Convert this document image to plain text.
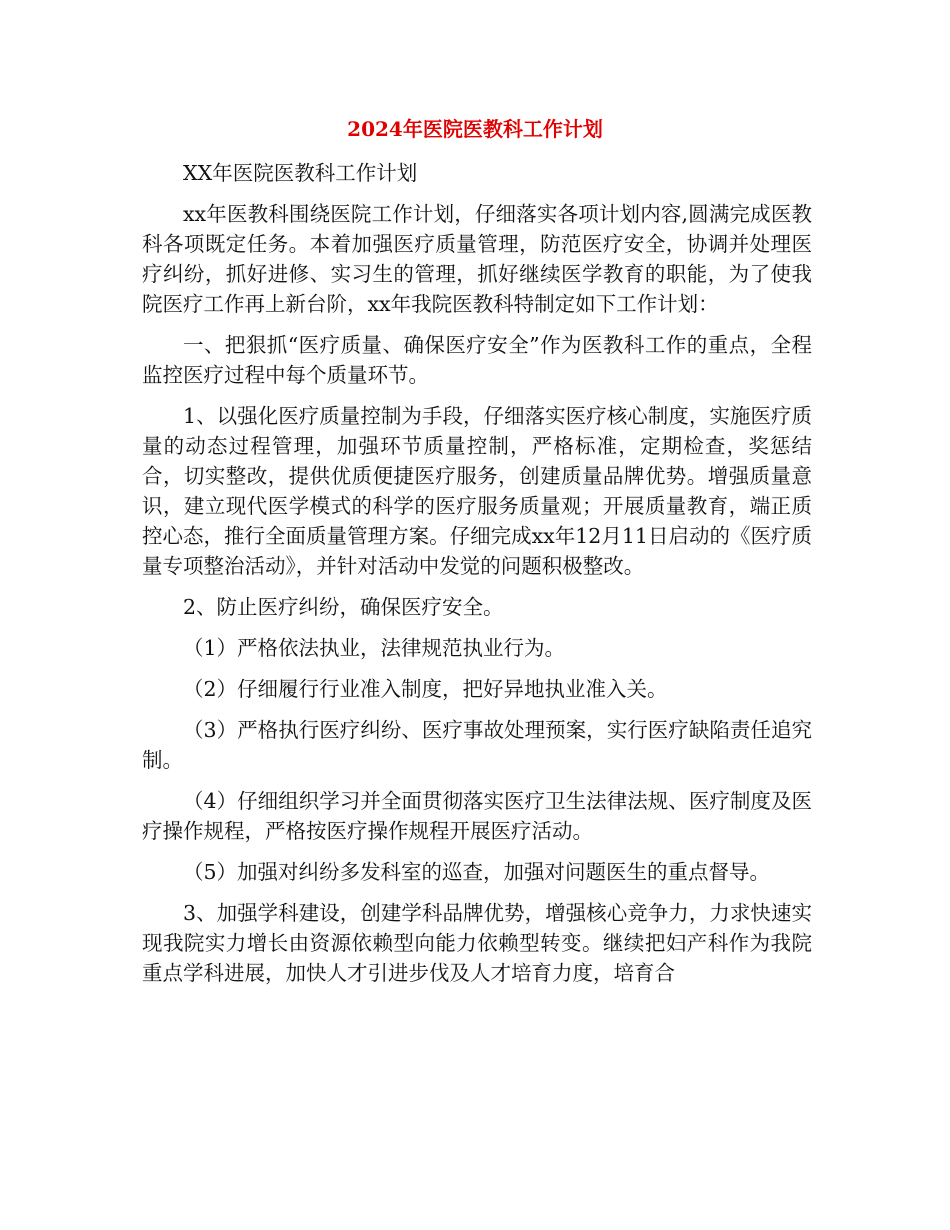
2024年医院医教科工作计划

XX年医院医教科工作计划

xx年医教科围绕医院工作计划，仔细落实各项计划内容,圆满完成医教科各项既定任务。本着加强医疗质量管理，防范医疗安全，协调并处理医疗纠纷，抓好进修、实习生的管理，抓好继续医学教育的职能，为了使我院医疗工作再上新台阶，xx年我院医教科特制定如下工作计划：

一、把狠抓“医疗质量、确保医疗安全”作为医教科工作的重点，全程监控医疗过程中每个质量环节。

1、以强化医疗质量控制为手段，仔细落实医疗核心制度，实施医疗质量的动态过程管理，加强环节质量控制，严格标准，定期检查，奖惩结合，切实整改，提供优质便捷医疗服务，创建质量品牌优势。增强质量意识，建立现代医学模式的科学的医疗服务质量观；开展质量教育，端正质控心态，推行全面质量管理方案。仔细完成xx年12月11日启动的《医疗质量专项整治活动》，并针对活动中发觉的问题积极整改。

2、防止医疗纠纷，确保医疗安全。

（1）严格依法执业，法律规范执业行为。

（2）仔细履行行业准入制度，把好异地执业准入关。

（3）严格执行医疗纠纷、医疗事故处理预案，实行医疗缺陷责任追究制。

（4）仔细组织学习并全面贯彻落实医疗卫生法律法规、医疗制度及医疗操作规程，严格按医疗操作规程开展医疗活动。

（5）加强对纠纷多发科室的巡查，加强对问题医生的重点督导。

3、加强学科建设，创建学科品牌优势，增强核心竞争力，力求快速实现我院实力增长由资源依赖型向能力依赖型转变。继续把妇产科作为我院重点学科进展，加快人才引进步伐及人才培育力度，培育合
